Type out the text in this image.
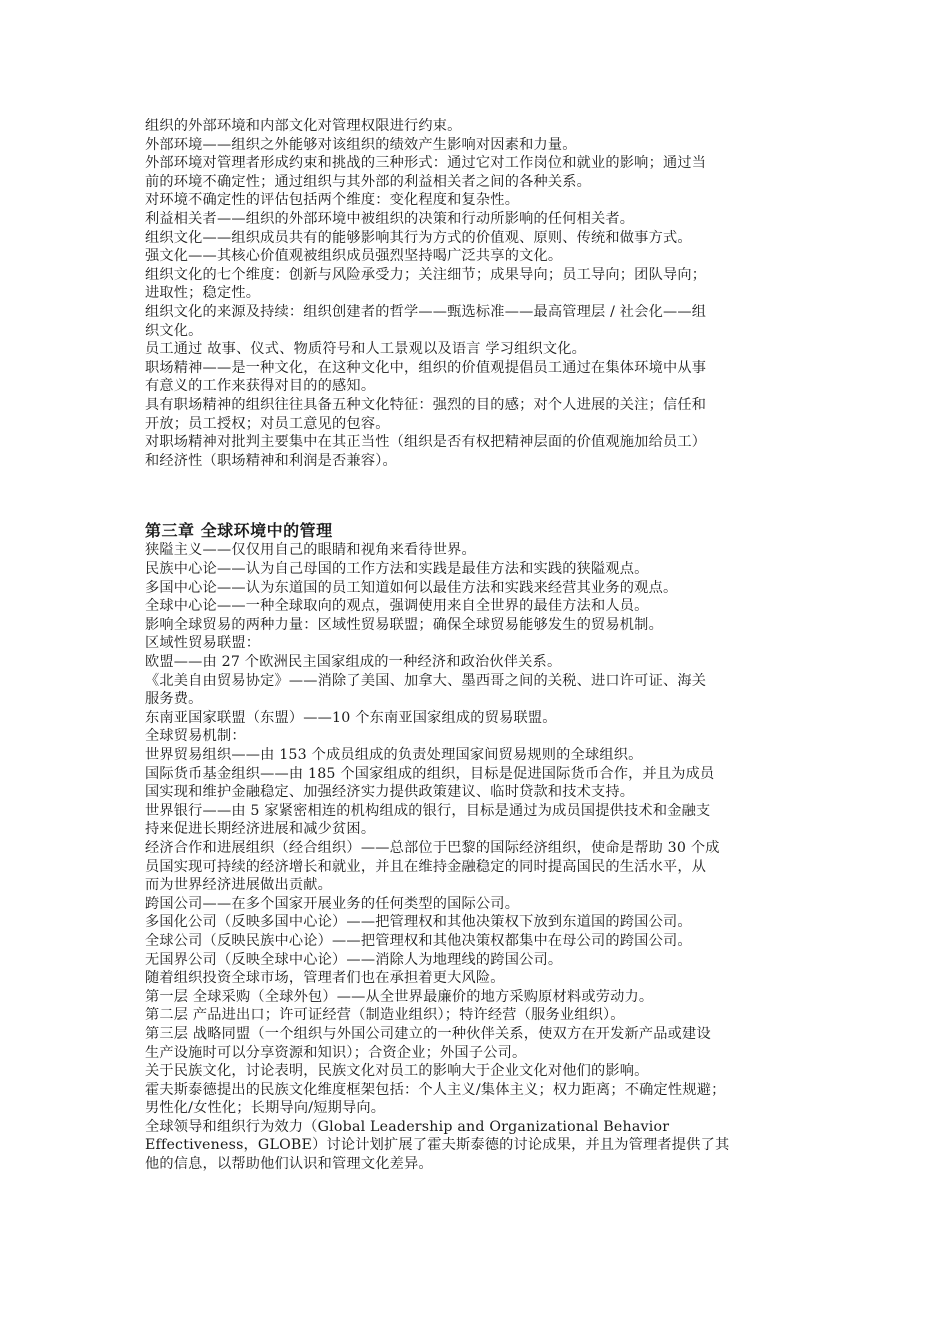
组织的外部环境和内部文化对管理权限进行约束。
外部环境——组织之外能够对该组织的绩效产生影响对因素和力量。
外部环境对管理者形成约束和挑战的三种形式：通过它对工作岗位和就业的影响；通过当
前的环境不确定性；通过组织与其外部的利益相关者之间的各种关系。
对环境不确定性的评估包括两个维度：变化程度和复杂性。
利益相关者——组织的外部环境中被组织的决策和行动所影响的任何相关者。
组织文化——组织成员共有的能够影响其行为方式的价值观、原则、传统和做事方式。
强文化——其核心价值观被组织成员强烈坚持喝广泛共享的文化。
组织文化的七个维度：创新与风险承受力；关注细节；成果导向；员工导向；团队导向；
进取性；稳定性。
组织文化的来源及持续：组织创建者的哲学——甄选标准——最高管理层 / 社会化——组
织文化。
员工通过 故事、仪式、物质符号和人工景观以及语言 学习组织文化。
职场精神——是一种文化，在这种文化中，组织的价值观提倡员工通过在集体环境中从事
有意义的工作来获得对目的的感知。
具有职场精神的组织往往具备五种文化特征：强烈的目的感；对个人进展的关注；信任和
开放；员工授权；对员工意见的包容。
对职场精神对批判主要集中在其正当性（组织是否有权把精神层面的价值观施加给员工）
和经济性（职场精神和利润是否兼容）。
第三章 全球环境中的管理
狭隘主义——仅仅用自己的眼睛和视角来看待世界。
民族中心论——认为自己母国的工作方法和实践是最佳方法和实践的狭隘观点。
多国中心论——认为东道国的员工知道如何以最佳方法和实践来经营其业务的观点。
全球中心论——一种全球取向的观点，强调使用来自全世界的最佳方法和人员。
影响全球贸易的两种力量：区域性贸易联盟；确保全球贸易能够发生的贸易机制。
区域性贸易联盟：
欧盟——由 27 个欧洲民主国家组成的一种经济和政治伙伴关系。
《北美自由贸易协定》——消除了美国、加拿大、墨西哥之间的关税、进口许可证、海关
服务费。
东南亚国家联盟（东盟）——10 个东南亚国家组成的贸易联盟。
全球贸易机制：
世界贸易组织——由 153 个成员组成的负责处理国家间贸易规则的全球组织。
国际货币基金组织——由 185 个国家组成的组织，目标是促进国际货币合作，并且为成员
国实现和维护金融稳定、加强经济实力提供政策建议、临时贷款和技术支持。
世界银行——由 5 家紧密相连的机构组成的银行，目标是通过为成员国提供技术和金融支
持来促进长期经济进展和减少贫困。
经济合作和进展组织（经合组织）——总部位于巴黎的国际经济组织，使命是帮助 30 个成
员国实现可持续的经济增长和就业，并且在维持金融稳定的同时提高国民的生活水平，从
而为世界经济进展做出贡献。
跨国公司——在多个国家开展业务的任何类型的国际公司。
多国化公司（反映多国中心论）——把管理权和其他决策权下放到东道国的跨国公司。
全球公司（反映民族中心论）——把管理权和其他决策权都集中在母公司的跨国公司。
无国界公司（反映全球中心论）——消除人为地理线的跨国公司。
随着组织投资全球市场，管理者们也在承担着更大风险。
第一层 全球采购（全球外包）——从全世界最廉价的地方采购原材料或劳动力。
第二层 产品进出口；许可证经营（制造业组织）；特许经营（服务业组织）。
第三层 战略同盟（一个组织与外国公司建立的一种伙伴关系，使双方在开发新产品或建设
生产设施时可以分享资源和知识）；合资企业；外国子公司。
关于民族文化，讨论表明，民族文化对员工的影响大于企业文化对他们的影响。
霍夫斯泰德提出的民族文化维度框架包括：个人主义/集体主义；权力距离；不确定性规避；
男性化/女性化；长期导向/短期导向。
全球领导和组织行为效力（Global Leadership and Organizational Behavior
Effectiveness，GLOBE）讨论计划扩展了霍夫斯泰德的讨论成果，并且为管理者提供了其
他的信息，以帮助他们认识和管理文化差异。
